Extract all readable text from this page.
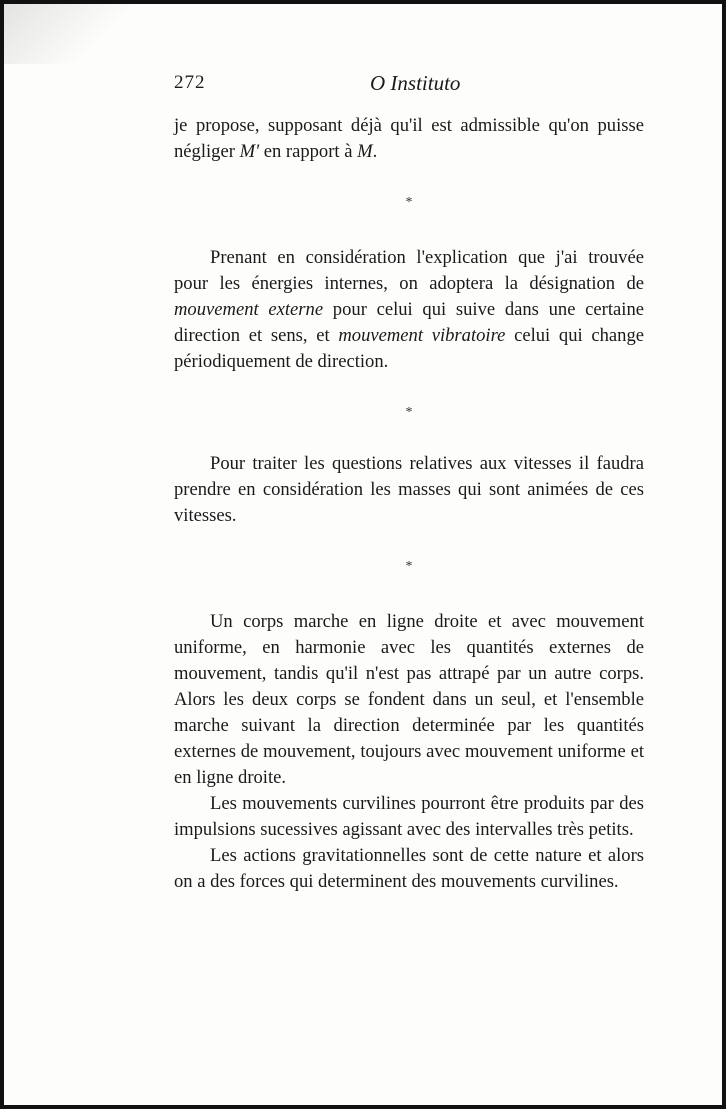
272	O Instituto

je propose, supposant déjà qu'il est admissible qu'on puisse négliger M' en rapport à M.

*

Prenant en considération l'explication que j'ai trouvée pour les énergies internes, on adoptera la désignation de mouvement externe pour celui qui suive dans une certaine direction et sens, et mouvement vibratoire celui qui change périodiquement de direction.

*

Pour traiter les questions relatives aux vitesses il faudra prendre en considération les masses qui sont animées de ces vitesses.

*

Un corps marche en ligne droite et avec mouvement uniforme, en harmonie avec les quantités externes de mouvement, tandis qu'il n'est pas attrapé par un autre corps. Alors les deux corps se fondent dans un seul, et l'ensemble marche suivant la direction determinée par les quantités externes de mouvement, toujours avec mouvement uniforme et en ligne droite.

Les mouvements curvilines pourront être produits par des impulsions sucessives agissant avec des intervalles très petits.

Les actions gravitationnelles sont de cette nature et alors on a des forces qui determinent des mouvements curvilines.
